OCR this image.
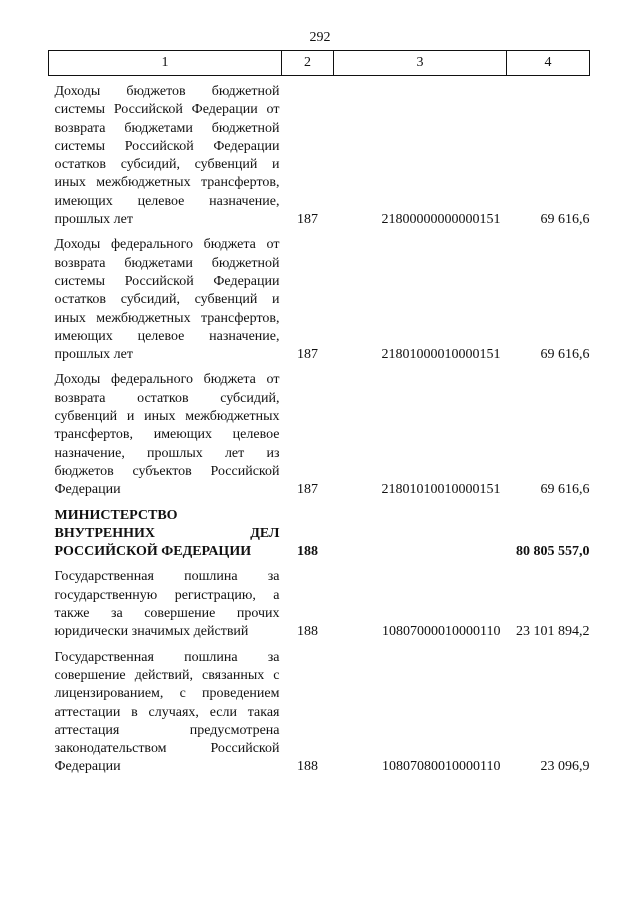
292
1	2	3	4

Доходы бюджетов бюджетной системы Российской Федерации от возврата бюджетами бюджетной системы Российской Федерации остатков субсидий, субвенций и иных межбюджетных трансфертов, имеющих целевое назначение, прошлых лет	187	21800000000000151	69 616,6

Доходы федерального бюджета от возврата бюджетами бюджетной системы Российской Федерации остатков субсидий, субвенций и иных межбюджетных трансфертов, имеющих целевое назначение, прошлых лет	187	21801000010000151	69 616,6

Доходы федерального бюджета от возврата остатков субсидий, субвенций и иных межбюджетных трансфертов, имеющих целевое назначение, прошлых лет из бюджетов субъектов Российской Федерации	187	21801010010000151	69 616,6

МИНИСТЕРСТВО ВНУТРЕННИХ ДЕЛ РОССИЙСКОЙ ФЕДЕРАЦИИ	188		80 805 557,0

Государственная пошлина за государственную регистрацию, а также за совершение прочих юридически значимых действий	188	10807000010000110	23 101 894,2

Государственная пошлина за совершение действий, связанных с лицензированием, с проведением аттестации в случаях, если такая аттестация предусмотрена законодательством Российской Федерации	188	10807080010000110	23 096,9
